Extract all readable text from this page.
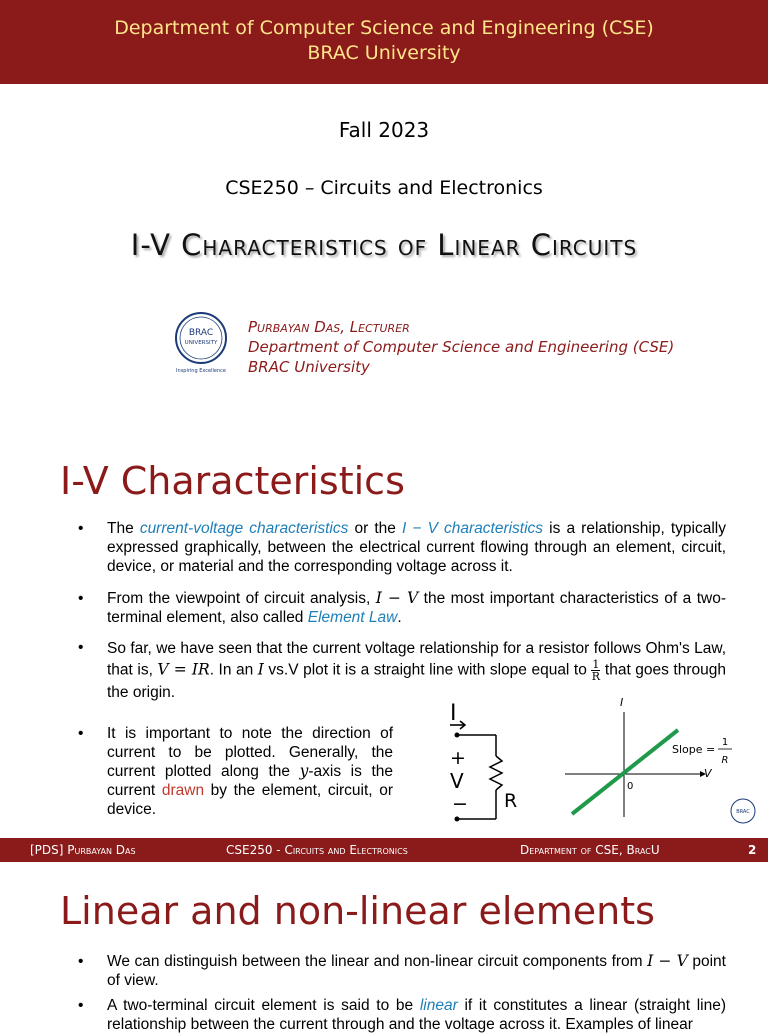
Department of Computer Science and Engineering (CSE)
BRAC University
Fall 2023
CSE250 – Circuits and Electronics
I-V Characteristics of Linear Circuits
BRAC
UNIVERSITY
Inspiring Excellence
Purbayan Das, Lecturer
Department of Computer Science and Engineering (CSE)
BRAC University
I-V Characteristics
•	The current-voltage characteristics or the I − V characteristics is a relationship, typically expressed graphically, between the electrical current flowing through an element, circuit, device, or material and the corresponding voltage across it.
•	From the viewpoint of circuit analysis, I − V the most important characteristics of a two-terminal element, also called Element Law.
•	So far, we have seen that the current voltage relationship for a resistor follows Ohm's Law, that is, V = IR. In an I vs.V plot it is a straight line with slope equal to $\frac{1}{R}$ that goes through the origin.
•	It is important to note the direction of current to be plotted. Generally, the current plotted along the y-axis is the current drawn by the element, circuit, or device.
I
+
V
− R
I
V
0
Slope =
1
R
BRAC
[PDS] Purbayan Das	CSE250 - Circuits and Electronics	Department of CSE, BracU	2
Linear and non-linear elements
•	We can distinguish between the linear and non-linear circuit components from I − V point of view.
•	A two-terminal circuit element is said to be linear if it constitutes a linear (straight line) relationship between the current through and the voltage across it. Examples of linear
